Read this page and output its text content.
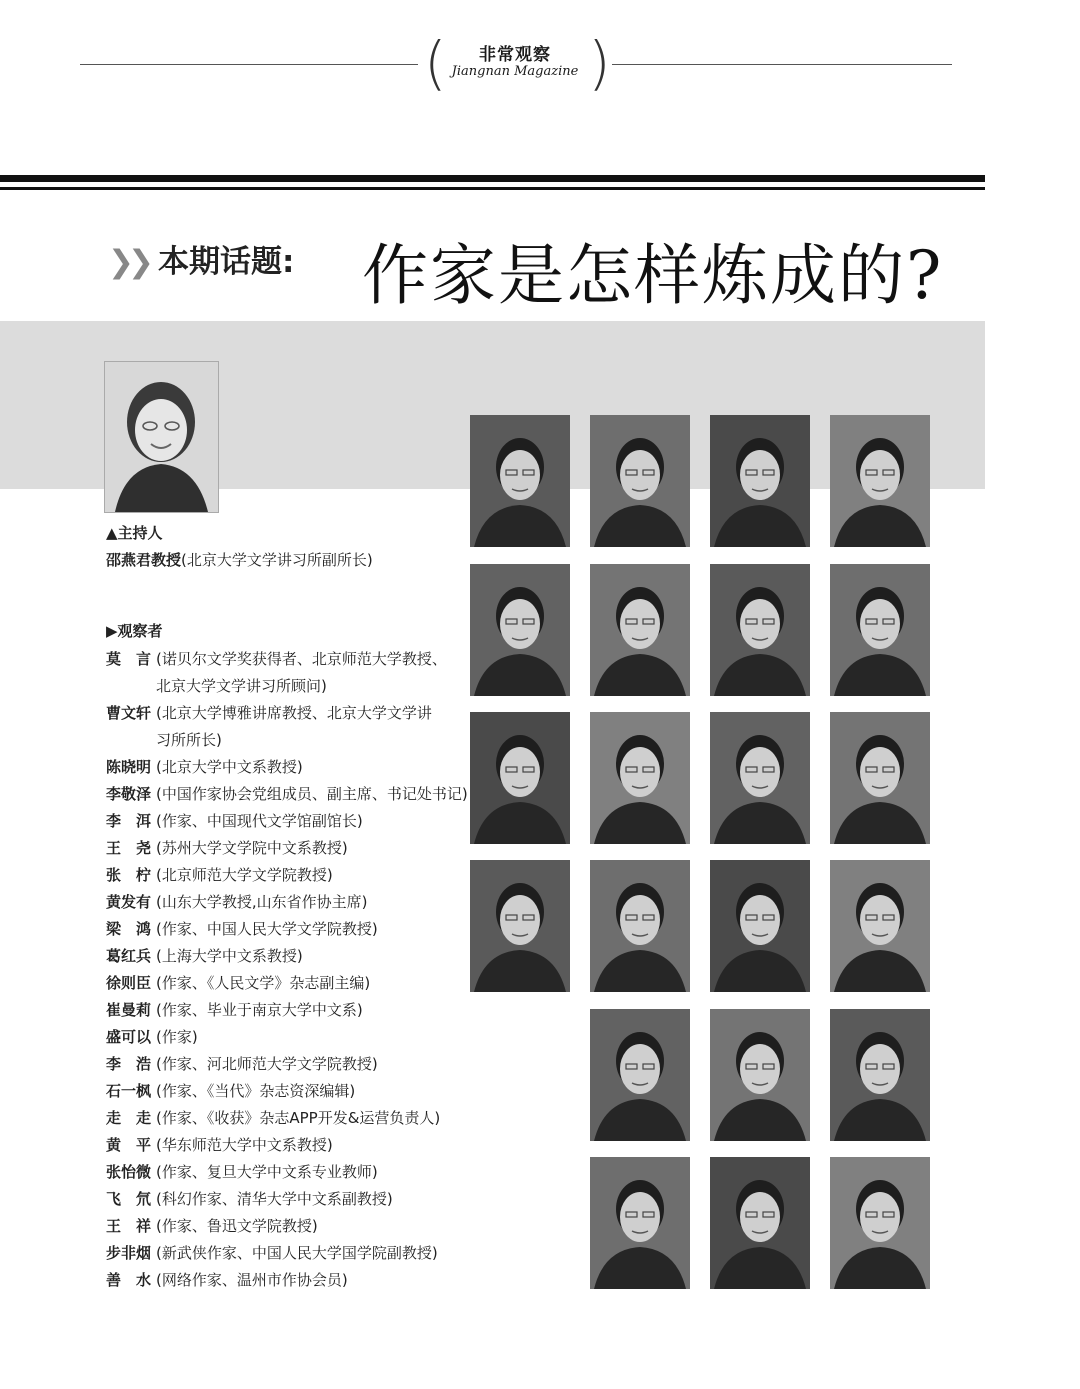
( )
非常观察
Jiangnan Magazine
❯❯ 本期话题: 作家是怎样炼成的?
▲主持人
邵燕君教授(北京大学文学讲习所副所长)
▶观察者
莫　言 (诺贝尔文学奖获得者、北京师范大学教授、
北京大学文学讲习所顾问)
曹文轩 (北京大学博雅讲席教授、北京大学文学讲
习所所长)
陈晓明 (北京大学中文系教授)
李敬泽 (中国作家协会党组成员、副主席、书记处书记)
李　洱 (作家、中国现代文学馆副馆长)
王　尧 (苏州大学文学院中文系教授)
张　柠 (北京师范大学文学院教授)
黄发有 (山东大学教授,山东省作协主席)
梁　鸿 (作家、中国人民大学文学院教授)
葛红兵 (上海大学中文系教授)
徐则臣 (作家、《人民文学》杂志副主编)
崔曼莉 (作家、毕业于南京大学中文系)
盛可以 (作家)
李　浩 (作家、河北师范大学文学院教授)
石一枫 (作家、《当代》杂志资深编辑)
走　走 (作家、《收获》杂志APP开发&运营负责人)
黄　平 (华东师范大学中文系教授)
张怡微 (作家、复旦大学中文系专业教师)
飞　氘 (科幻作家、清华大学中文系副教授)
王　祥 (作家、鲁迅文学院教授)
步非烟 (新武侠作家、中国人民大学国学院副教授)
善　水 (网络作家、温州市作协会员)
